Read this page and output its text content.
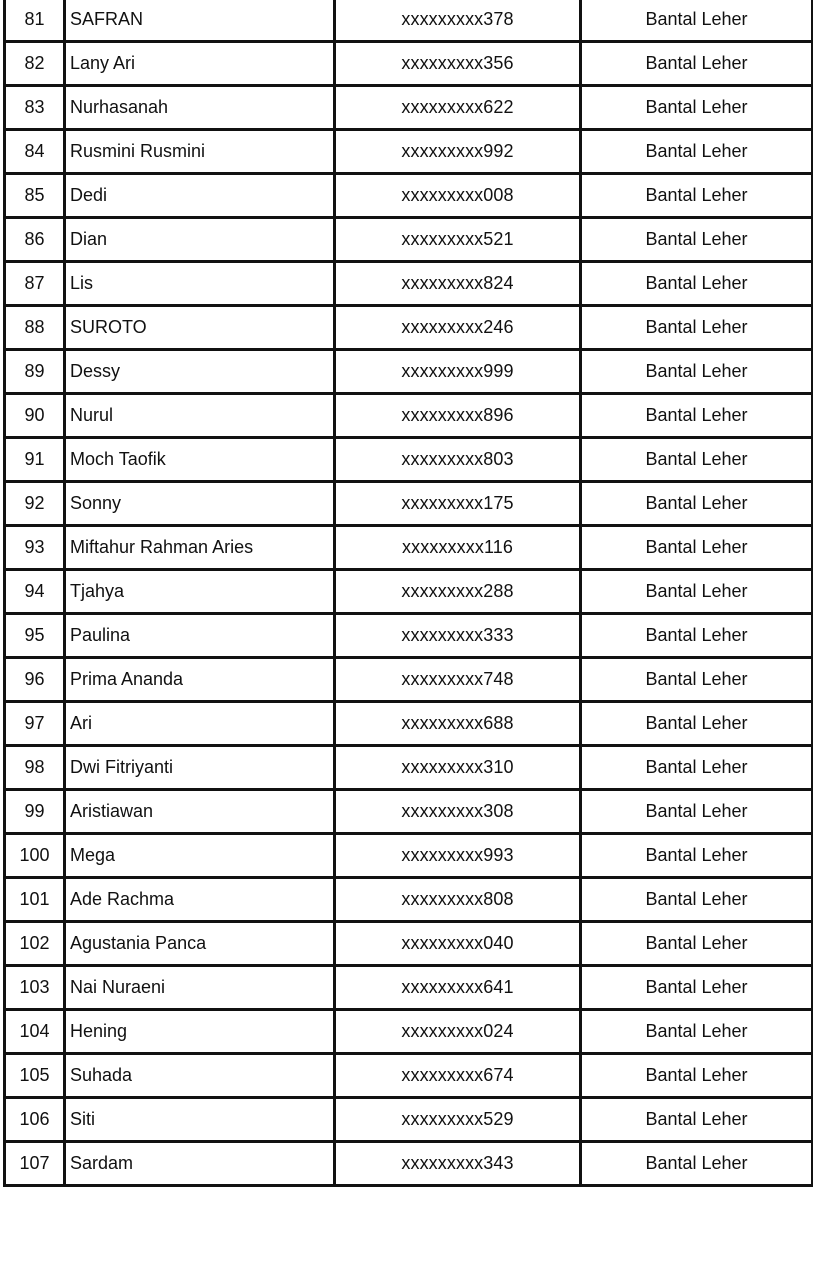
81	SAFRAN	xxxxxxxxx378	Bantal Leher
82	Lany Ari	xxxxxxxxx356	Bantal Leher
83	Nurhasanah	xxxxxxxxx622	Bantal Leher
84	Rusmini Rusmini	xxxxxxxxx992	Bantal Leher
85	Dedi	xxxxxxxxx008	Bantal Leher
86	Dian	xxxxxxxxx521	Bantal Leher
87	Lis	xxxxxxxxx824	Bantal Leher
88	SUROTO	xxxxxxxxx246	Bantal Leher
89	Dessy	xxxxxxxxx999	Bantal Leher
90	Nurul	xxxxxxxxx896	Bantal Leher
91	Moch Taofik	xxxxxxxxx803	Bantal Leher
92	Sonny	xxxxxxxxx175	Bantal Leher
93	Miftahur Rahman Aries	xxxxxxxxx116	Bantal Leher
94	Tjahya	xxxxxxxxx288	Bantal Leher
95	Paulina	xxxxxxxxx333	Bantal Leher
96	Prima Ananda	xxxxxxxxx748	Bantal Leher
97	Ari	xxxxxxxxx688	Bantal Leher
98	Dwi Fitriyanti	xxxxxxxxx310	Bantal Leher
99	Aristiawan	xxxxxxxxx308	Bantal Leher
100	Mega	xxxxxxxxx993	Bantal Leher
101	Ade Rachma	xxxxxxxxx808	Bantal Leher
102	Agustania Panca	xxxxxxxxx040	Bantal Leher
103	Nai Nuraeni	xxxxxxxxx641	Bantal Leher
104	Hening	xxxxxxxxx024	Bantal Leher
105	Suhada	xxxxxxxxx674	Bantal Leher
106	Siti	xxxxxxxxx529	Bantal Leher
107	Sardam	xxxxxxxxx343	Bantal Leher
